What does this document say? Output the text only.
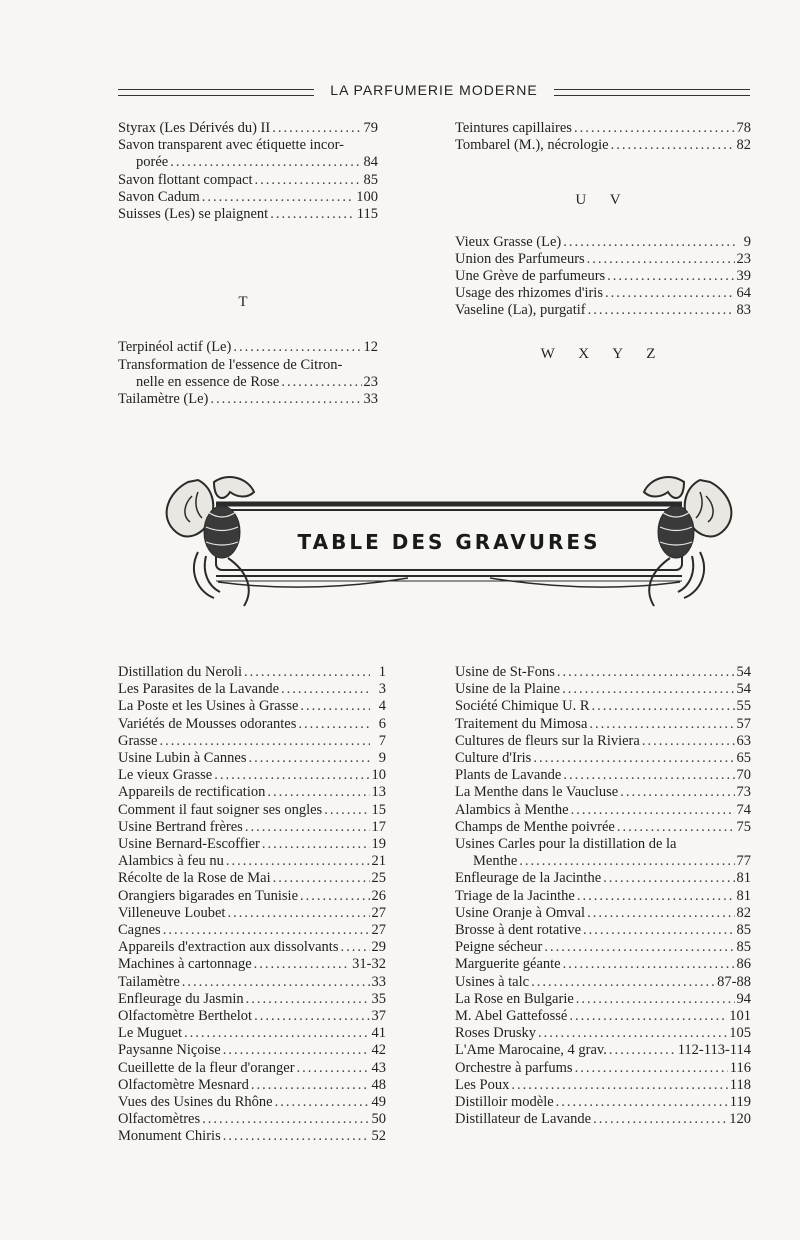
LA PARFUMERIE MODERNE
Styrax (Les Dérivés du) II .....	79
Savon transparent avec étiquette incor-
porée .....	84
Savon flottant compact .....	85
Savon Cadum .....	100
Suisses (Les) se plaignent .....	115
T
Terpinéol actif (Le) .....	12
Transformation de l'essence de Citron-
nelle en essence de Rose .....	23
Tailamètre (Le) .....	33
Teintures capillaires .....	78
Tombarel (M.), nécrologie .....	82
U V
Vieux Grasse (Le) .....	9
Union des Parfumeurs .....	23
Une Grève de parfumeurs .....	39
Usage des rhizomes d'iris .....	64
Vaseline (La), purgatif .....	83
W X Y Z
TABLE DES GRAVURES
Distillation du Neroli .....	1
Les Parasites de la Lavande .....	3
La Poste et les Usines à Grasse .....	4
Variétés de Mousses odorantes .....	6
Grasse .....	7
Usine Lubin à Cannes .....	9
Le vieux Grasse .....	10
Appareils de rectification .....	13
Comment il faut soigner ses ongles .....	15
Usine Bertrand frères .....	17
Usine Bernard-Escoffier .....	19
Alambics à feu nu .....	21
Récolte de la Rose de Mai .....	25
Orangiers bigarades en Tunisie .....	26
Villeneuve Loubet .....	27
Cagnes .....	27
Appareils d'extraction aux dissolvants ..... 29
Machines à cartonnage .....	31-32
Tailamètre .....	33
Enfleurage du Jasmin .....	35
Olfactomètre Berthelot .....	37
Le Muguet .....	41
Paysanne Niçoise .....	42
Cueillette de la fleur d'oranger .....	43
Olfactomètre Mesnard .....	48
Vues des Usines du Rhône .....	49
Olfactomètres .....	50
Monument Chiris .....	52
Usine de St-Fons .....	54
Usine de la Plaine .....	54
Société Chimique U. R .....	55
Traitement du Mimosa .....	57
Cultures de fleurs sur la Riviera .....	63
Culture d'Iris .....	65
Plants de Lavande .....	70
La Menthe dans le Vaucluse .....	73
Alambics à Menthe .....	74
Champs de Menthe poivrée .....	75
Usines Carles pour la distillation de la
Menthe .....	77
Enfleurage de la Jacinthe .....	81
Triage de la Jacinthe .....	81
Usine Oranje à Omval .....	82
Brosse à dent rotative .....	85
Peigne sécheur .....	85
Marguerite géante .....	86
Usines à talc .....	87-88
La Rose en Bulgarie .....	94
M. Abel Gattefossé .....	101
Roses Drusky .....	105
L'Ame Marocaine, 4 grav. .....	112-113-114
Orchestre à parfums .....	116
Les Poux .....	118
Distilloir modèle .....	119
Distillateur de Lavande .....	120
